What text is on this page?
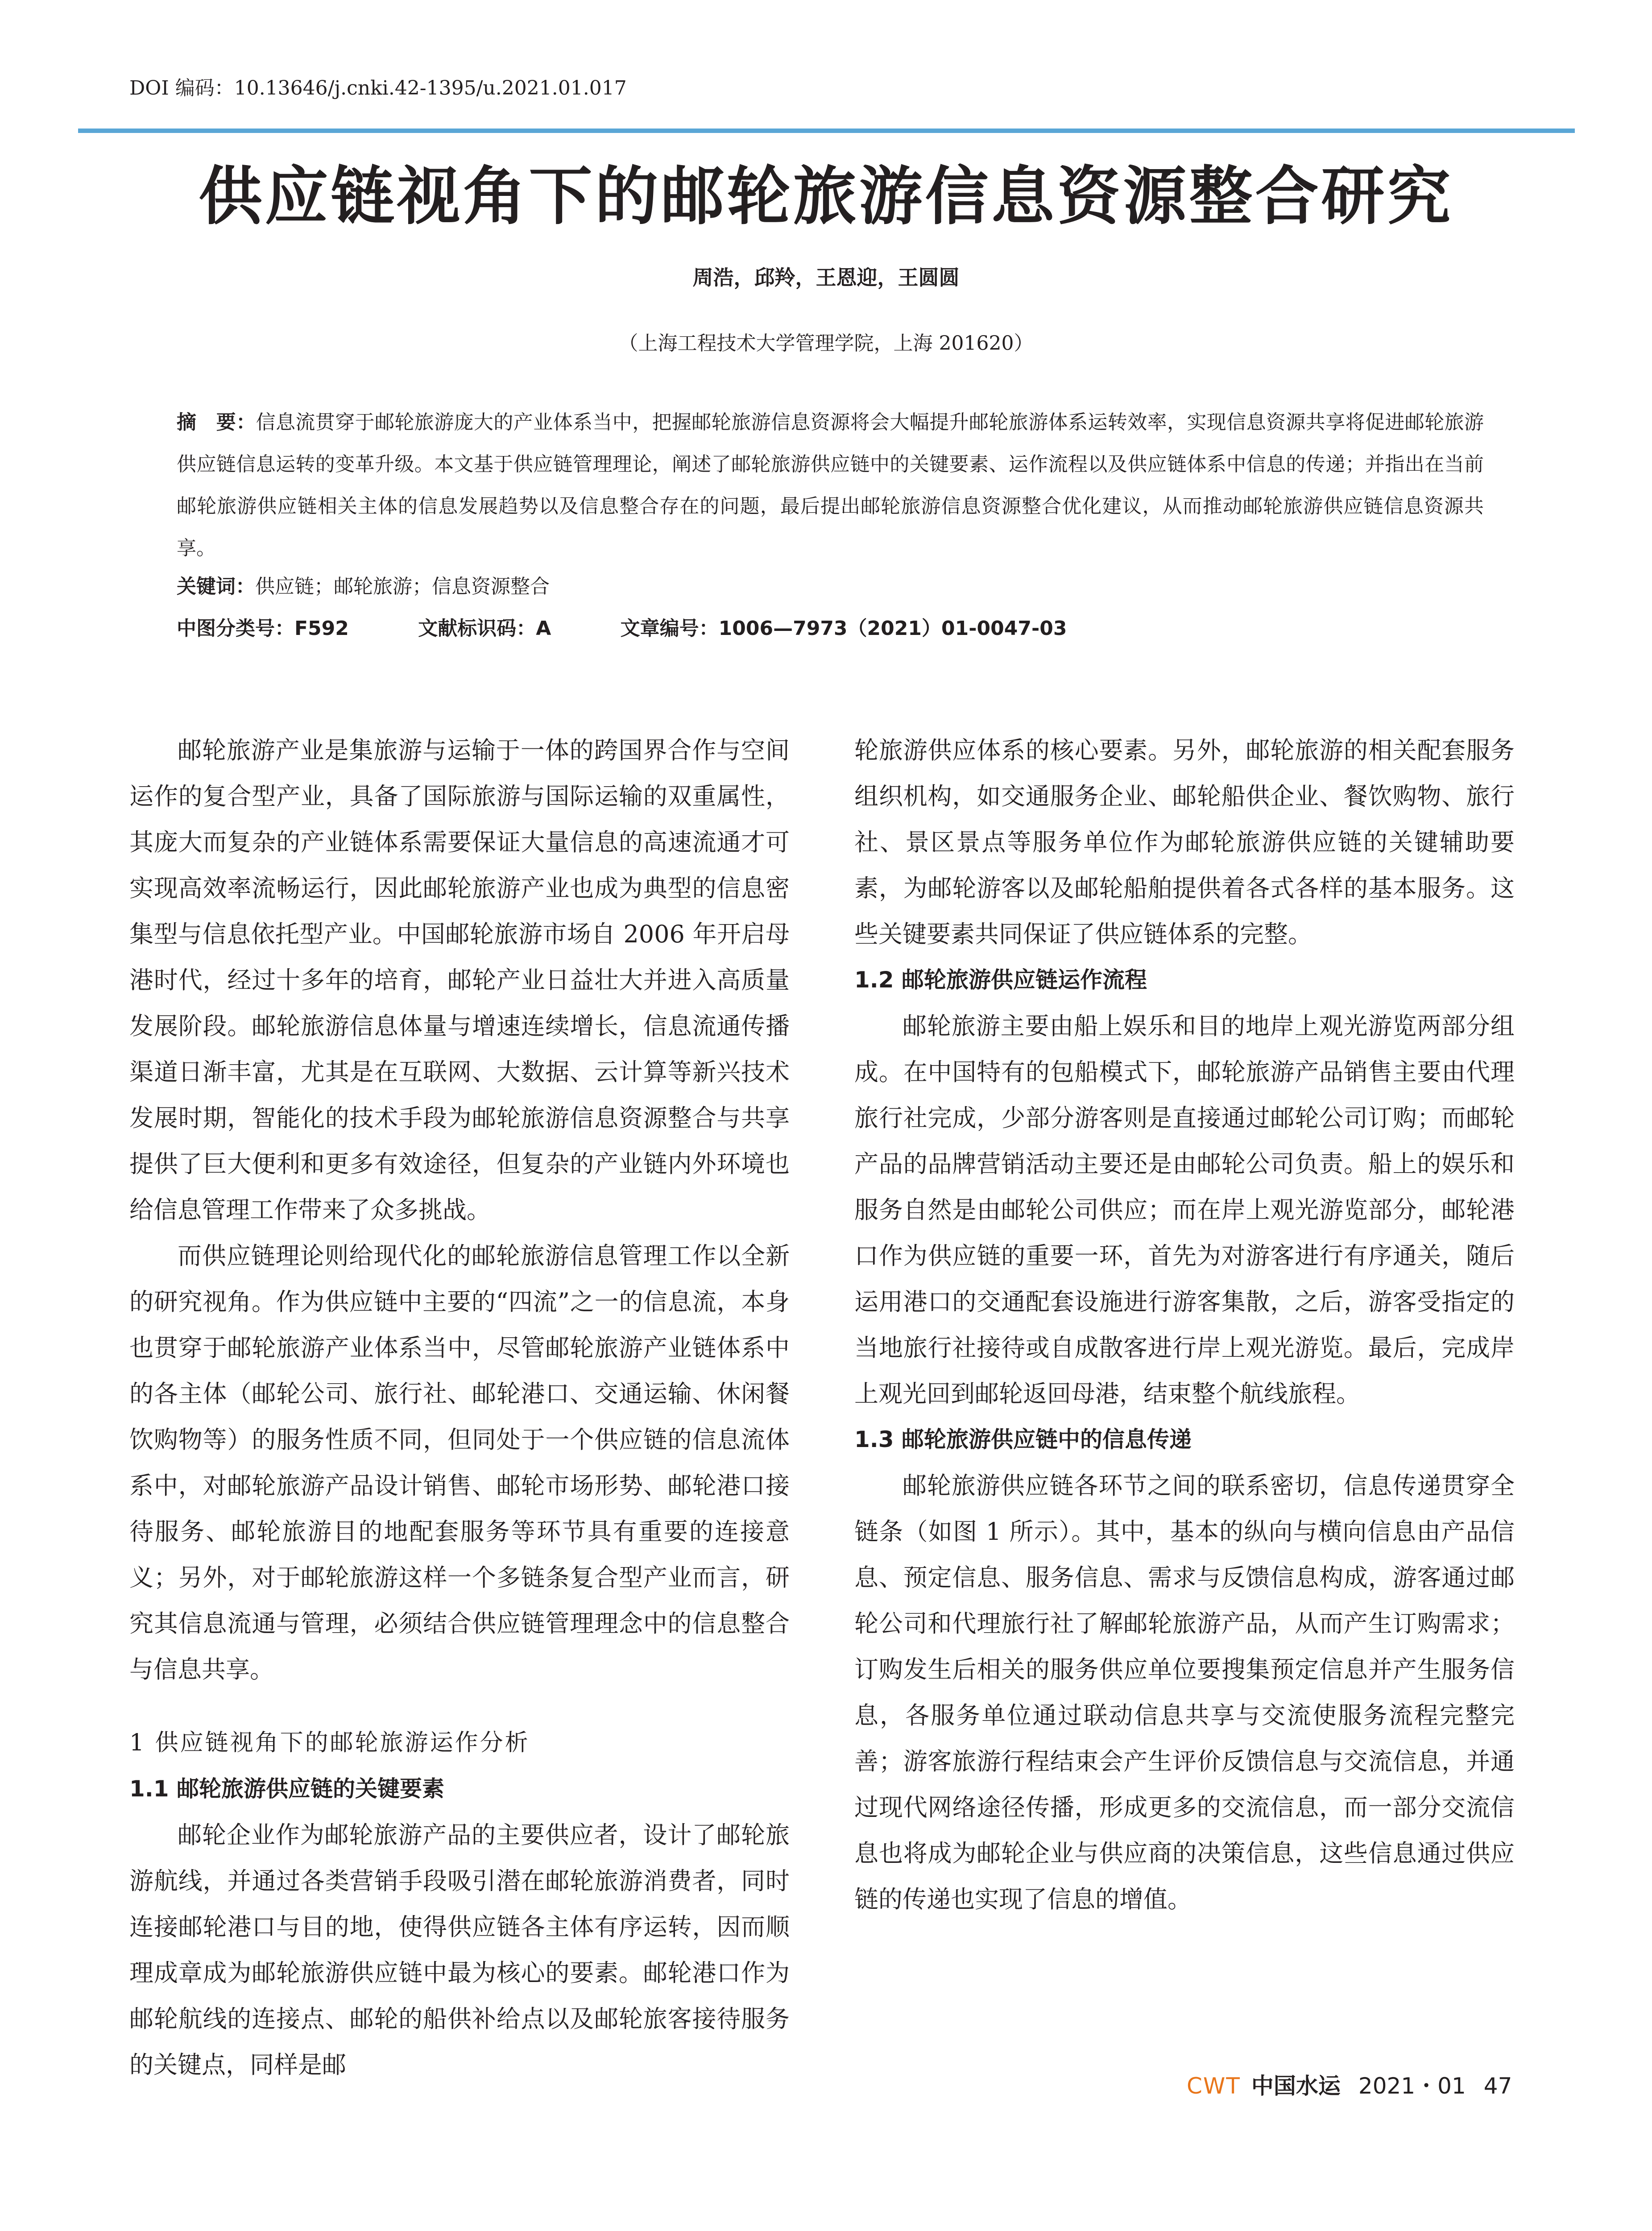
DOI 编码：10.13646/j.cnki.42-1395/u.2021.01.017
供应链视角下的邮轮旅游信息资源整合研究
周浩，邱羚，王恩迎，王圆圆
（上海工程技术大学管理学院，上海 201620）
摘　要：信息流贯穿于邮轮旅游庞大的产业体系当中，把握邮轮旅游信息资源将会大幅提升邮轮旅游体系运转效率，实现信息资源共享将促进邮轮旅游供应链信息运转的变革升级。本文基于供应链管理理论，阐述了邮轮旅游供应链中的关键要素、运作流程以及供应链体系中信息的传递；并指出在当前邮轮旅游供应链相关主体的信息发展趋势以及信息整合存在的问题，最后提出邮轮旅游信息资源整合优化建议，从而推动邮轮旅游供应链信息资源共享。
关键词：供应链；邮轮旅游；信息资源整合
中图分类号：F592	文献标识码：A	文章编号：1006—7973（2021）01-0047-03

邮轮旅游产业是集旅游与运输于一体的跨国界合作与空间运作的复合型产业，具备了国际旅游与国际运输的双重属性，其庞大而复杂的产业链体系需要保证大量信息的高速流通才可实现高效率流畅运行，因此邮轮旅游产业也成为典型的信息密集型与信息依托型产业。中国邮轮旅游市场自 2006 年开启母港时代，经过十多年的培育，邮轮产业日益壮大并进入高质量发展阶段。邮轮旅游信息体量与增速连续增长，信息流通传播渠道日渐丰富，尤其是在互联网、大数据、云计算等新兴技术发展时期，智能化的技术手段为邮轮旅游信息资源整合与共享提供了巨大便利和更多有效途径，但复杂的产业链内外环境也给信息管理工作带来了众多挑战。

而供应链理论则给现代化的邮轮旅游信息管理工作以全新的研究视角。作为供应链中主要的“四流”之一的信息流，本身也贯穿于邮轮旅游产业体系当中，尽管邮轮旅游产业链体系中的各主体（邮轮公司、旅行社、邮轮港口、交通运输、休闲餐饮购物等）的服务性质不同，但同处于一个供应链的信息流体系中，对邮轮旅游产品设计销售、邮轮市场形势、邮轮港口接待服务、邮轮旅游目的地配套服务等环节具有重要的连接意义；另外，对于邮轮旅游这样一个多链条复合型产业而言，研究其信息流通与管理，必须结合供应链管理理念中的信息整合与信息共享。

1 供应链视角下的邮轮旅游运作分析
1.1 邮轮旅游供应链的关键要素

邮轮企业作为邮轮旅游产品的主要供应者，设计了邮轮旅游航线，并通过各类营销手段吸引潜在邮轮旅游消费者，同时连接邮轮港口与目的地，使得供应链各主体有序运转，因而顺理成章成为邮轮旅游供应链中最为核心的要素。邮轮港口作为邮轮航线的连接点、邮轮的船供补给点以及邮轮旅客接待服务的关键点，同样是邮

轮旅游供应体系的核心要素。另外，邮轮旅游的相关配套服务组织机构，如交通服务企业、邮轮船供企业、餐饮购物、旅行社、景区景点等服务单位作为邮轮旅游供应链的关键辅助要素，为邮轮游客以及邮轮船舶提供着各式各样的基本服务。这些关键要素共同保证了供应链体系的完整。

1.2 邮轮旅游供应链运作流程

邮轮旅游主要由船上娱乐和目的地岸上观光游览两部分组成。在中国特有的包船模式下，邮轮旅游产品销售主要由代理旅行社完成，少部分游客则是直接通过邮轮公司订购；而邮轮产品的品牌营销活动主要还是由邮轮公司负责。船上的娱乐和服务自然是由邮轮公司供应；而在岸上观光游览部分，邮轮港口作为供应链的重要一环，首先为对游客进行有序通关，随后运用港口的交通配套设施进行游客集散，之后，游客受指定的当地旅行社接待或自成散客进行岸上观光游览。最后，完成岸上观光回到邮轮返回母港，结束整个航线旅程。

1.3 邮轮旅游供应链中的信息传递

邮轮旅游供应链各环节之间的联系密切，信息传递贯穿全链条（如图 1 所示）。其中，基本的纵向与横向信息由产品信息、预定信息、服务信息、需求与反馈信息构成，游客通过邮轮公司和代理旅行社了解邮轮旅游产品，从而产生订购需求；订购发生后相关的服务供应单位要搜集预定信息并产生服务信息，各服务单位通过联动信息共享与交流使服务流程完整完善；游客旅游行程结束会产生评价反馈信息与交流信息，并通过现代网络途径传播，形成更多的交流信息，而一部分交流信息也将成为邮轮企业与供应商的决策信息，这些信息通过供应链的传递也实现了信息的增值。

CWT 中国水运 2021・01 47
